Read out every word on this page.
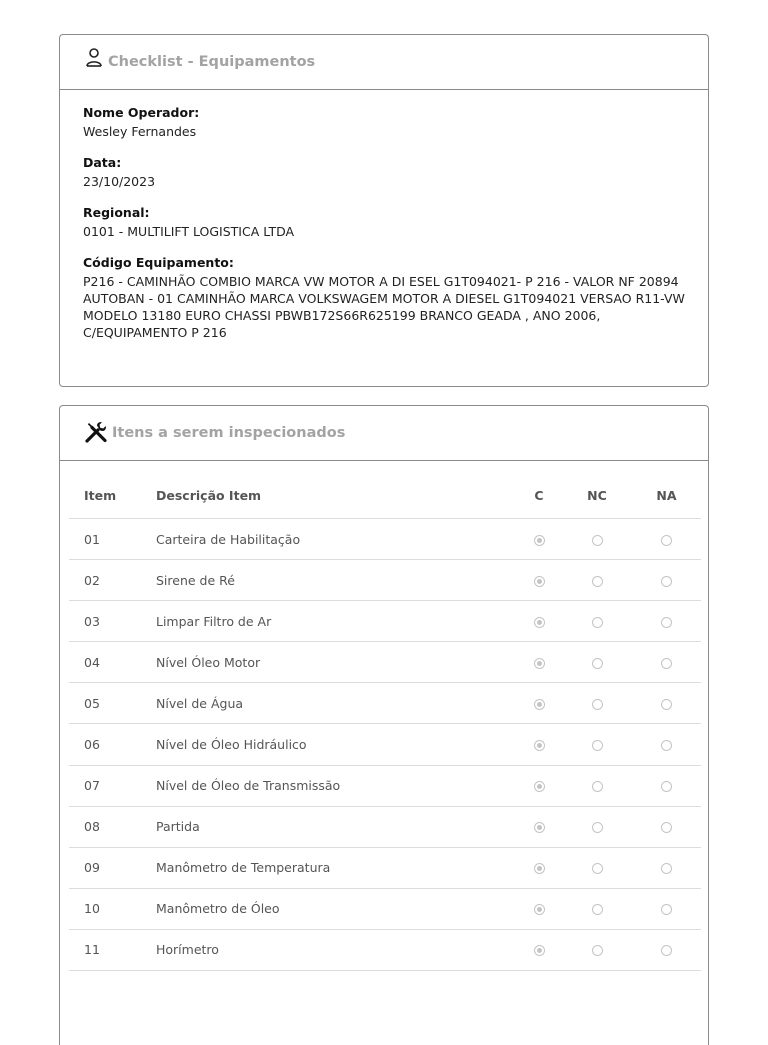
Checklist - Equipamentos
Nome Operador:
Wesley Fernandes
Data:
23/10/2023
Regional:
0101 - MULTILIFT LOGISTICA LTDA
Código Equipamento:
P216 - CAMINHÃO COMBIO MARCA VW MOTOR A DI ESEL G1T094021- P 216 - VALOR NF 20894 AUTOBAN - 01 CAMINHÃO MARCA VOLKSWAGEM MOTOR A DIESEL G1T094021 VERSAO R11-VW MODELO 13180 EURO CHASSI PBWB172S66R625199 BRANCO GEADA , ANO 2006, C/EQUIPAMENTO P 216
Itens a serem inspecionados
Item	Descrição Item	C	NC	NA
01	Carteira de Habilitação
02	Sirene de Ré
03	Limpar Filtro de Ar
04	Nível Óleo Motor
05	Nível de Água
06	Nível de Óleo Hidráulico
07	Nível de Óleo de Transmissão
08	Partida
09	Manômetro de Temperatura
10	Manômetro de Óleo
11	Horímetro
